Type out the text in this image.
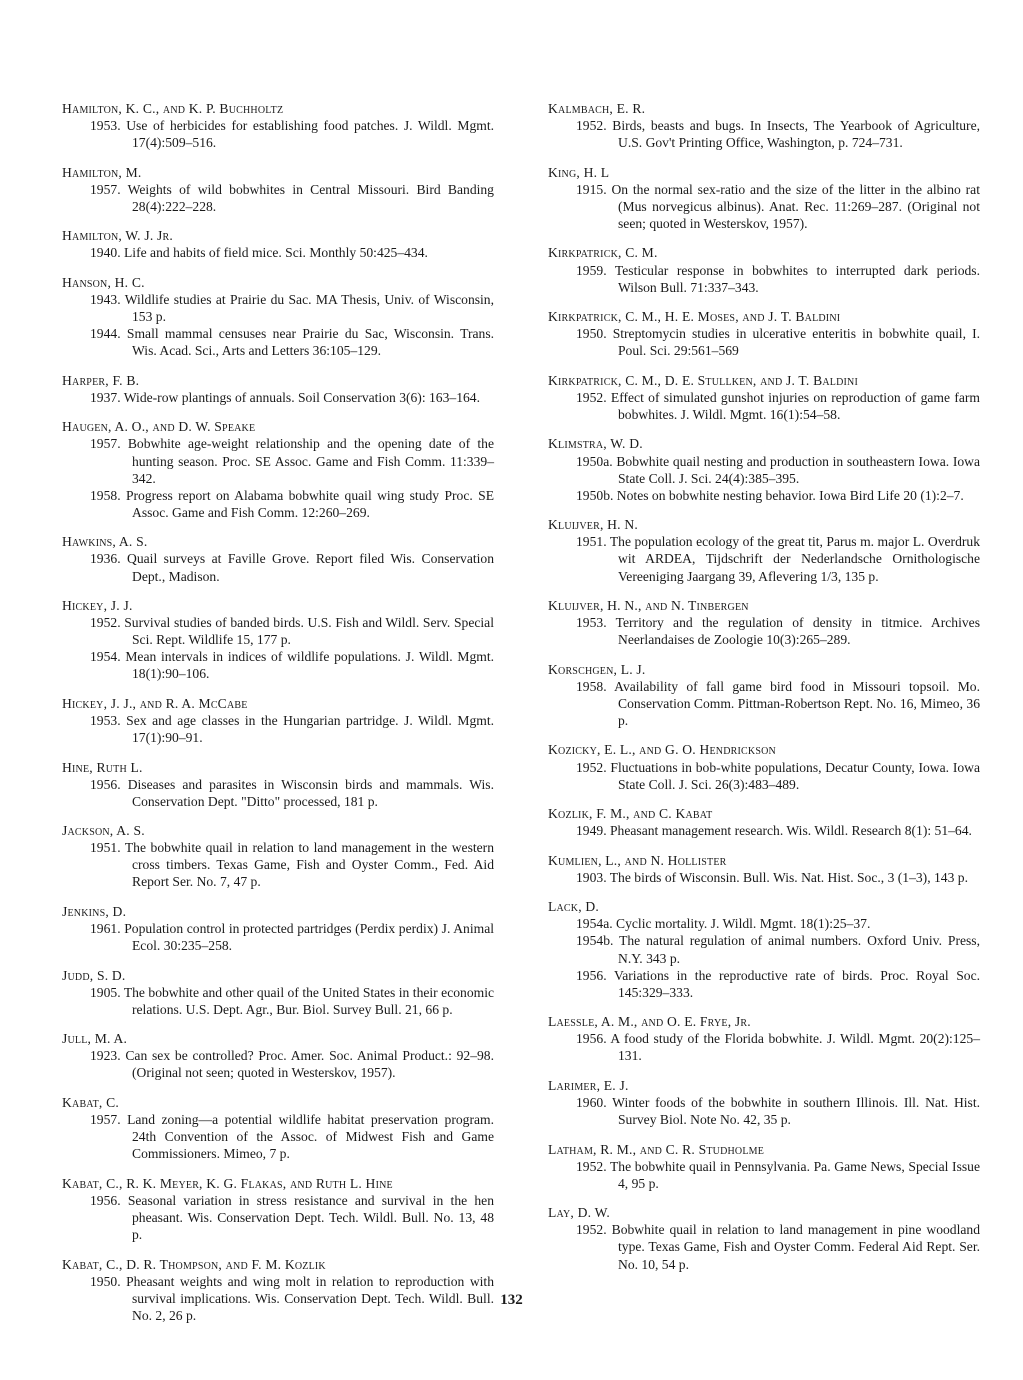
Hamilton, K. C., and K. P. Buchholtz
1953. Use of herbicides for establishing food patches. J. Wildl. Mgmt. 17(4):509–516.
Hamilton, M.
1957. Weights of wild bobwhites in Central Missouri. Bird Banding 28(4):222–228.
Hamilton, W. J. Jr.
1940. Life and habits of field mice. Sci. Monthly 50:425–434.
Hanson, H. C.
1943. Wildlife studies at Prairie du Sac. MA Thesis, Univ. of Wisconsin, 153 p.
1944. Small mammal censuses near Prairie du Sac, Wisconsin. Trans. Wis. Acad. Sci., Arts and Letters 36:105–129.
Harper, F. B.
1937. Wide-row plantings of annuals. Soil Conservation 3(6): 163–164.
Haugen, A. O., and D. W. Speake
1957. Bobwhite age-weight relationship and the opening date of the hunting season. Proc. SE Assoc. Game and Fish Comm. 11:339–342.
1958. Progress report on Alabama bobwhite quail wing study Proc. SE Assoc. Game and Fish Comm. 12:260–269.
Hawkins, A. S.
1936. Quail surveys at Faville Grove. Report filed Wis. Conservation Dept., Madison.
Hickey, J. J.
1952. Survival studies of banded birds. U.S. Fish and Wildl. Serv. Special Sci. Rept. Wildlife 15, 177 p.
1954. Mean intervals in indices of wildlife populations. J. Wildl. Mgmt. 18(1):90–106.
Hickey, J. J., and R. A. McCabe
1953. Sex and age classes in the Hungarian partridge. J. Wildl. Mgmt. 17(1):90–91.
Hine, Ruth L.
1956. Diseases and parasites in Wisconsin birds and mammals. Wis. Conservation Dept. "Ditto" processed, 181 p.
Jackson, A. S.
1951. The bobwhite quail in relation to land management in the western cross timbers. Texas Game, Fish and Oyster Comm., Fed. Aid Report Ser. No. 7, 47 p.
Jenkins, D.
1961. Population control in protected partridges (Perdix perdix) J. Animal Ecol. 30:235–258.
Judd, S. D.
1905. The bobwhite and other quail of the United States in their economic relations. U.S. Dept. Agr., Bur. Biol. Survey Bull. 21, 66 p.
Jull, M. A.
1923. Can sex be controlled? Proc. Amer. Soc. Animal Product.: 92–98. (Original not seen; quoted in Westerskov, 1957).
Kabat, C.
1957. Land zoning—a potential wildlife habitat preservation program. 24th Convention of the Assoc. of Midwest Fish and Game Commissioners. Mimeo, 7 p.
Kabat, C., R. K. Meyer, K. G. Flakas, and Ruth L. Hine
1956. Seasonal variation in stress resistance and survival in the hen pheasant. Wis. Conservation Dept. Tech. Wildl. Bull. No. 13, 48 p.
Kabat, C., D. R. Thompson, and F. M. Kozlik
1950. Pheasant weights and wing molt in relation to reproduction with survival implications. Wis. Conservation Dept. Tech. Wildl. Bull. No. 2, 26 p.
Kalmbach, E. R.
1952. Birds, beasts and bugs. In Insects, The Yearbook of Agriculture, U.S. Gov't Printing Office, Washington, p. 724–731.
King, H. L
1915. On the normal sex-ratio and the size of the litter in the albino rat (Mus norvegicus albinus). Anat. Rec. 11:269–287. (Original not seen; quoted in Westerskov, 1957).
Kirkpatrick, C. M.
1959. Testicular response in bobwhites to interrupted dark periods. Wilson Bull. 71:337–343.
Kirkpatrick, C. M., H. E. Moses, and J. T. Baldini
1950. Streptomycin studies in ulcerative enteritis in bobwhite quail, I. Poul. Sci. 29:561–569
Kirkpatrick, C. M., D. E. Stullken, and J. T. Baldini
1952. Effect of simulated gunshot injuries on reproduction of game farm bobwhites. J. Wildl. Mgmt. 16(1):54–58.
Klimstra, W. D.
1950a. Bobwhite quail nesting and production in southeastern Iowa. Iowa State Coll. J. Sci. 24(4):385–395.
1950b. Notes on bobwhite nesting behavior. Iowa Bird Life 20 (1):2–7.
Kluijver, H. N.
1951. The population ecology of the great tit, Parus m. major L. Overdruk wit ARDEA, Tijdschrift der Nederlandsche Ornithologische Vereeniging Jaargang 39, Aflevering 1/3, 135 p.
Kluijver, H. N., and N. Tinbergen
1953. Territory and the regulation of density in titmice. Archives Neerlandaises de Zoologie 10(3):265–289.
Korschgen, L. J.
1958. Availability of fall game bird food in Missouri topsoil. Mo. Conservation Comm. Pittman-Robertson Rept. No. 16, Mimeo, 36 p.
Kozicky, E. L., and G. O. Hendrickson
1952. Fluctuations in bob-white populations, Decatur County, Iowa. Iowa State Coll. J. Sci. 26(3):483–489.
Kozlik, F. M., and C. Kabat
1949. Pheasant management research. Wis. Wildl. Research 8(1): 51–64.
Kumlien, L., and N. Hollister
1903. The birds of Wisconsin. Bull. Wis. Nat. Hist. Soc., 3 (1–3), 143 p.
Lack, D.
1954a. Cyclic mortality. J. Wildl. Mgmt. 18(1):25–37.
1954b. The natural regulation of animal numbers. Oxford Univ. Press, N.Y. 343 p.
1956. Variations in the reproductive rate of birds. Proc. Royal Soc. 145:329–333.
Laessle, A. M., and O. E. Frye, Jr.
1956. A food study of the Florida bobwhite. J. Wildl. Mgmt. 20(2):125–131.
Larimer, E. J.
1960. Winter foods of the bobwhite in southern Illinois. Ill. Nat. Hist. Survey Biol. Note No. 42, 35 p.
Latham, R. M., and C. R. Studholme
1952. The bobwhite quail in Pennsylvania. Pa. Game News, Special Issue 4, 95 p.
Lay, D. W.
1952. Bobwhite quail in relation to land management in pine woodland type. Texas Game, Fish and Oyster Comm. Federal Aid Rept. Ser. No. 10, 54 p.
132
